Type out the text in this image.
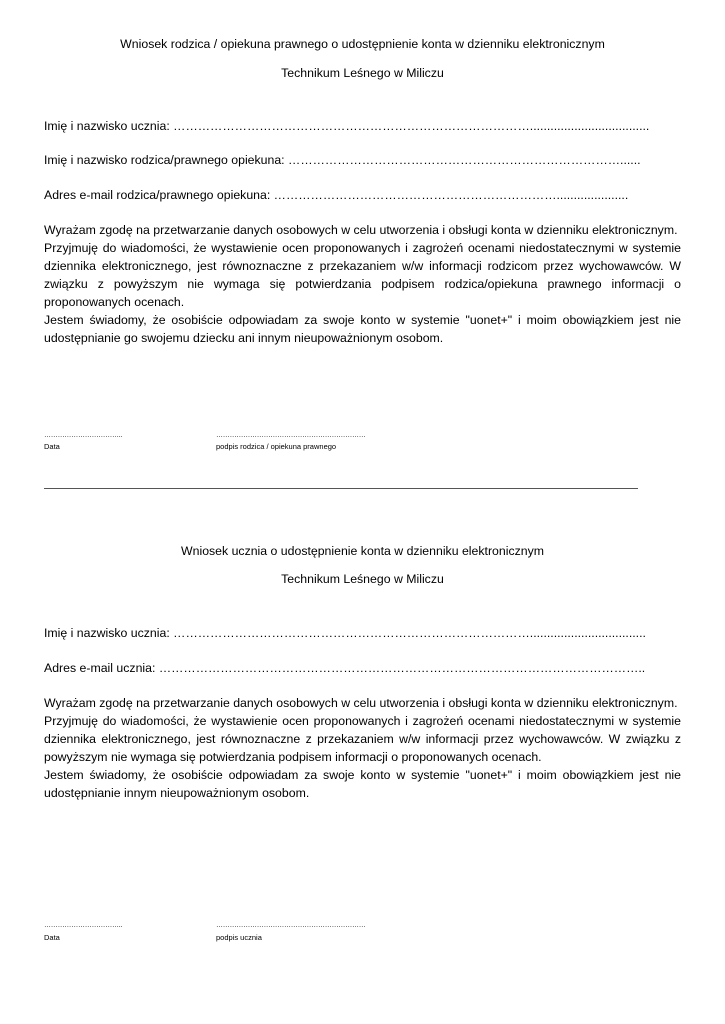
Wniosek rodzica / opiekuna prawnego o udostępnienie konta w dzienniku elektronicznym
Technikum Leśnego w Miliczu
Imię i nazwisko ucznia: ……………………………………………………………………………...................................
Imię i nazwisko rodzica/prawnego opiekuna: ………………………………………………………………………......
Adres e-mail rodzica/prawnego opiekuna: …………………………………………………………….....................

Wyrażam zgodę na przetwarzanie danych osobowych w celu utworzenia i obsługi konta w dzienniku elektronicznym.

Przyjmuję do wiadomości, że wystawienie ocen proponowanych i zagrożeń ocenami niedostatecznymi w systemie dziennika elektronicznego, jest równoznaczne z przekazaniem w/w informacji rodzicom przez wychowawców. W związku z powyższym nie wymaga się potwierdzania podpisem rodzica/opiekuna prawnego informacji o proponowanych ocenach.

Jestem świadomy, że osobiście odpowiadam za swoje konto w systemie "uonet+" i moim obowiązkiem jest nie udostępnianie go swojemu dziecku ani innym nieupoważnionym osobom.

……………………………..
Data
…………………………………………………………
podpis rodzica / opiekuna prawnego
Wniosek ucznia o udostępnienie konta w dzienniku elektronicznym
Technikum Leśnego w Miliczu
Imię i nazwisko ucznia: ……………………………………………………………………………..................................
Adres e-mail ucznia: ………………………………………………………………………………………………………..

Wyrażam zgodę na przetwarzanie danych osobowych w celu utworzenia i obsługi konta w dzienniku elektronicznym.

Przyjmuję do wiadomości, że wystawienie ocen proponowanych i zagrożeń ocenami niedostatecznymi w systemie dziennika elektronicznego, jest równoznaczne z przekazaniem w/w informacji przez wychowawców. W związku z powyższym nie wymaga się potwierdzania podpisem informacji o proponowanych ocenach.

Jestem świadomy, że osobiście odpowiadam za swoje konto w systemie "uonet+" i moim obowiązkiem jest nie udostępnianie innym nieupoważnionym osobom.

……………………………..
Data
…………………………………………………………
podpis ucznia
